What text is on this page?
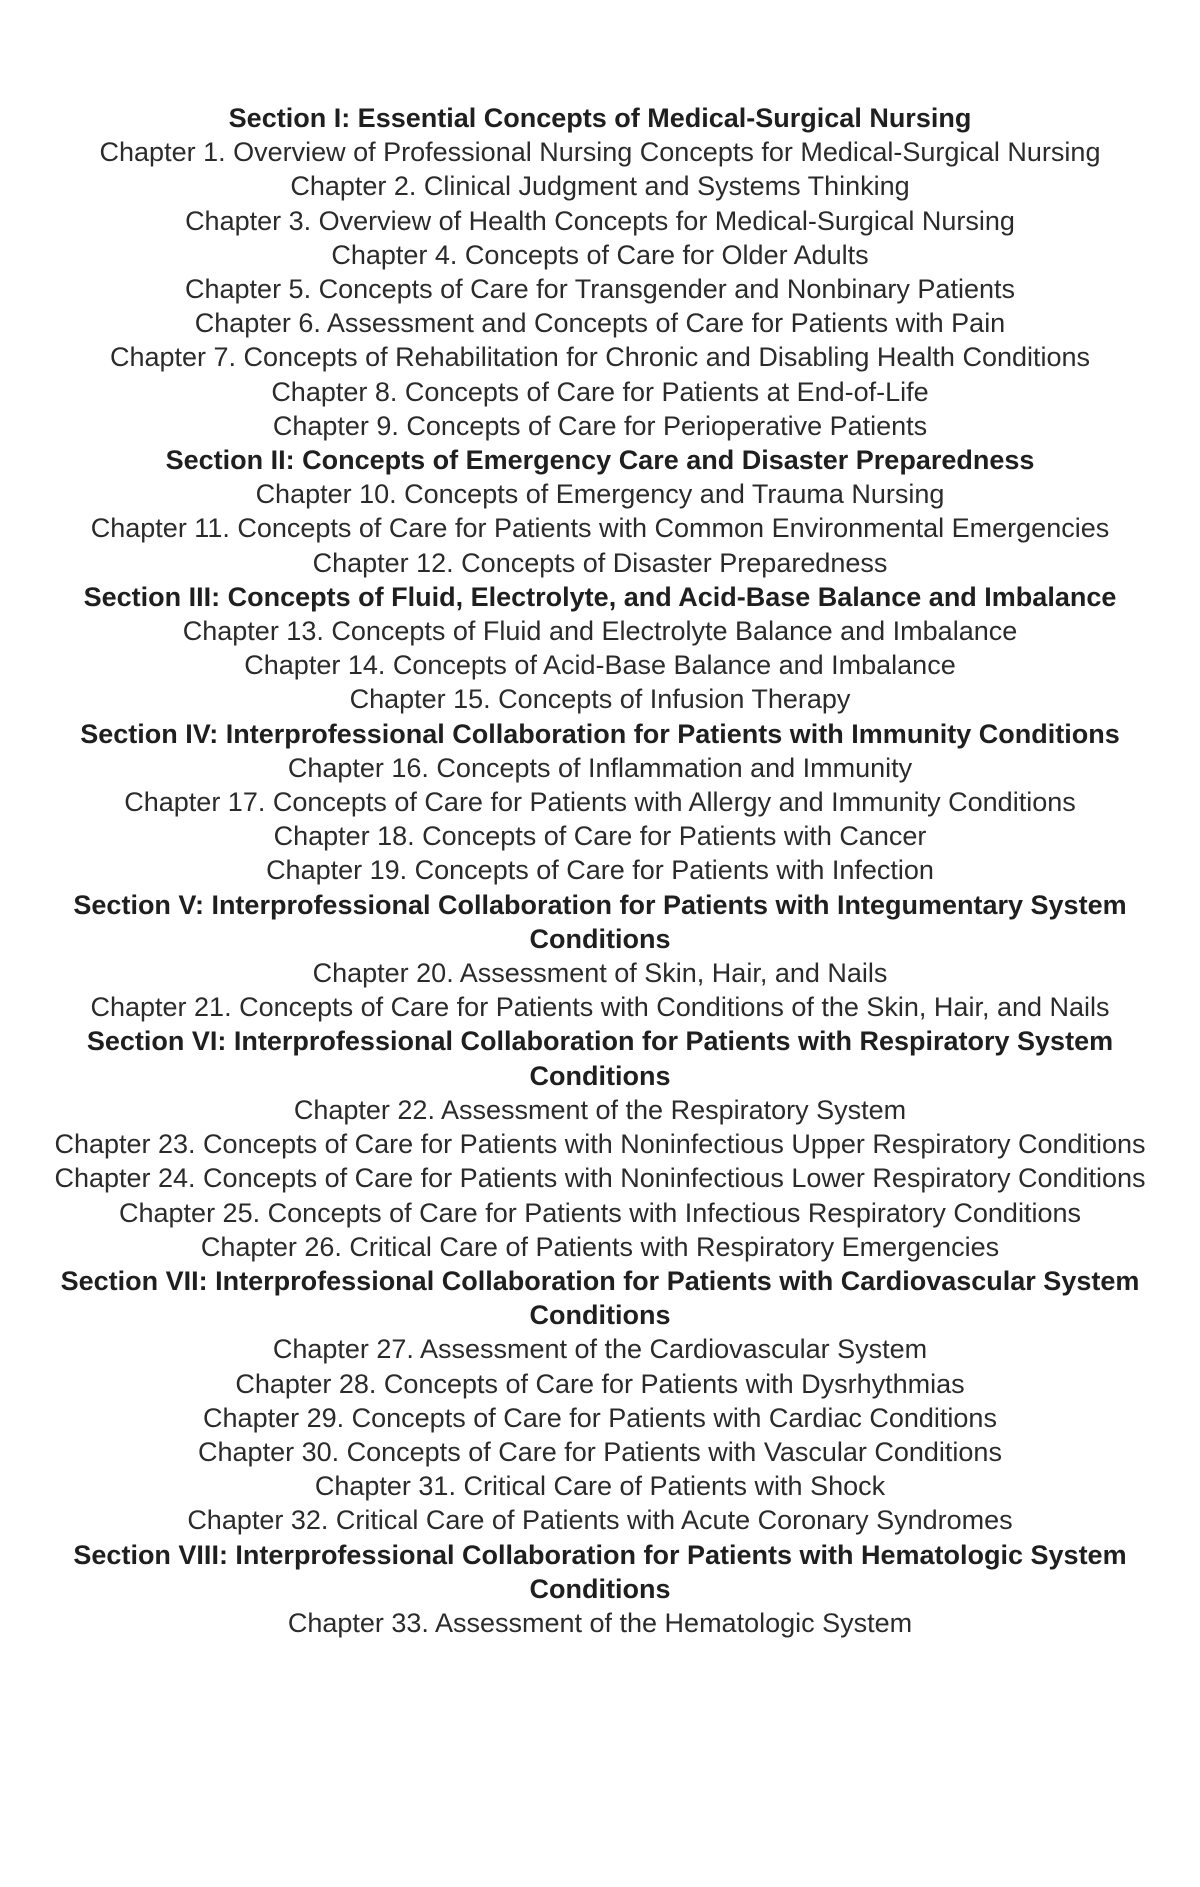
Section I: Essential Concepts of Medical-Surgical Nursing
Chapter 1. Overview of Professional Nursing Concepts for Medical-Surgical Nursing
Chapter 2. Clinical Judgment and Systems Thinking
Chapter 3. Overview of Health Concepts for Medical-Surgical Nursing
Chapter 4. Concepts of Care for Older Adults
Chapter 5. Concepts of Care for Transgender and Nonbinary Patients
Chapter 6. Assessment and Concepts of Care for Patients with Pain
Chapter 7. Concepts of Rehabilitation for Chronic and Disabling Health Conditions
Chapter 8. Concepts of Care for Patients at End-of-Life
Chapter 9. Concepts of Care for Perioperative Patients
Section II: Concepts of Emergency Care and Disaster Preparedness
Chapter 10. Concepts of Emergency and Trauma Nursing
Chapter 11. Concepts of Care for Patients with Common Environmental Emergencies
Chapter 12. Concepts of Disaster Preparedness
Section III: Concepts of Fluid, Electrolyte, and Acid-Base Balance and Imbalance
Chapter 13. Concepts of Fluid and Electrolyte Balance and Imbalance
Chapter 14. Concepts of Acid-Base Balance and Imbalance
Chapter 15. Concepts of Infusion Therapy
Section IV: Interprofessional Collaboration for Patients with Immunity Conditions
Chapter 16. Concepts of Inflammation and Immunity
Chapter 17. Concepts of Care for Patients with Allergy and Immunity Conditions
Chapter 18. Concepts of Care for Patients with Cancer
Chapter 19. Concepts of Care for Patients with Infection
Section V: Interprofessional Collaboration for Patients with Integumentary System Conditions
Chapter 20. Assessment of Skin, Hair, and Nails
Chapter 21. Concepts of Care for Patients with Conditions of the Skin, Hair, and Nails
Section VI: Interprofessional Collaboration for Patients with Respiratory System Conditions
Chapter 22. Assessment of the Respiratory System
Chapter 23. Concepts of Care for Patients with Noninfectious Upper Respiratory Conditions
Chapter 24. Concepts of Care for Patients with Noninfectious Lower Respiratory Conditions
Chapter 25. Concepts of Care for Patients with Infectious Respiratory Conditions
Chapter 26. Critical Care of Patients with Respiratory Emergencies
Section VII: Interprofessional Collaboration for Patients with Cardiovascular System Conditions
Chapter 27. Assessment of the Cardiovascular System
Chapter 28. Concepts of Care for Patients with Dysrhythmias
Chapter 29. Concepts of Care for Patients with Cardiac Conditions
Chapter 30. Concepts of Care for Patients with Vascular Conditions
Chapter 31. Critical Care of Patients with Shock
Chapter 32. Critical Care of Patients with Acute Coronary Syndromes
Section VIII: Interprofessional Collaboration for Patients with Hematologic System Conditions
Chapter 33. Assessment of the Hematologic System
